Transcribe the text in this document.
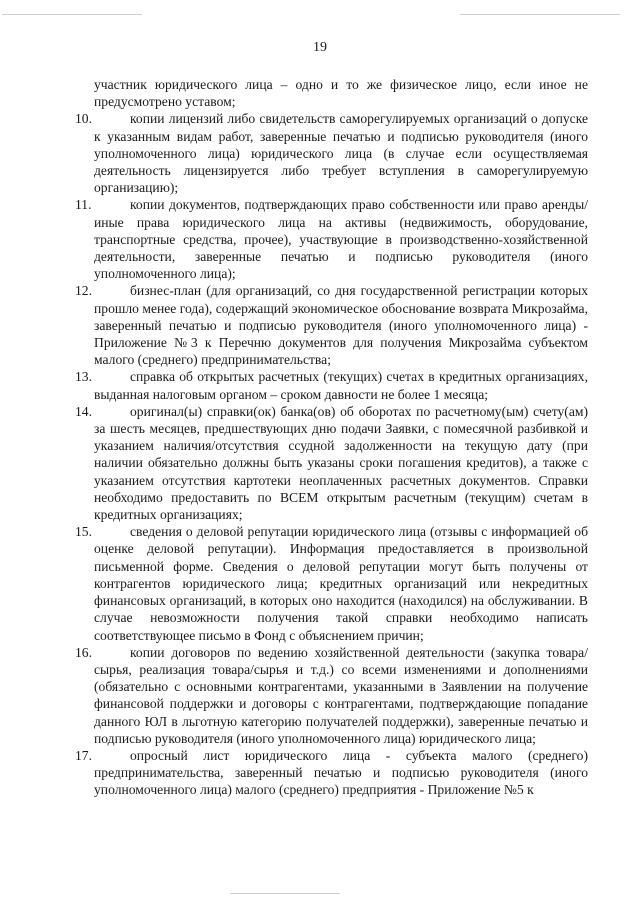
19

участник юридического лица – одно и то же физическое лицо, если иное не предусмотрено уставом;

10.	копии лицензий либо свидетельств саморегулируемых организаций о допуске к указанным видам работ, заверенные печатью и подписью руководителя (иного уполномоченного лица) юридического лица (в случае если осуществляемая деятельность лицензируется либо требует вступления в саморегулируемую организацию);

11.	копии документов, подтверждающих право собственности или право аренды/иные права юридического лица на активы (недвижимость, оборудование, транспортные средства, прочее), участвующие в производственно-хозяйственной деятельности, заверенные печатью и подписью руководителя (иного уполномоченного лица);

12.	бизнес-план (для организаций, со дня государственной регистрации которых прошло менее года), содержащий экономическое обоснование возврата Микрозайма, заверенный печатью и подписью руководителя (иного уполномоченного лица) - Приложение №3 к Перечню документов для получения Микрозайма субъектом малого (среднего) предпринимательства;

13.	справка об открытых расчетных (текущих) счетах в кредитных организациях, выданная налоговым органом – сроком давности не более 1 месяца;

14.	оригинал(ы) справки(ок) банка(ов) об оборотах по расчетному(ым) счету(ам) за шесть месяцев, предшествующих дню подачи Заявки, с помесячной разбивкой и указанием наличия/отсутствия ссудной задолженности на текущую дату (при наличии обязательно должны быть указаны сроки погашения кредитов), а также с указанием отсутствия картотеки неоплаченных расчетных документов. Справки необходимо предоставить по ВСЕМ открытым расчетным (текущим) счетам в кредитных организациях;

15.	сведения о деловой репутации юридического лица (отзывы с информацией об оценке деловой репутации). Информация предоставляется в произвольной письменной форме. Сведения о деловой репутации могут быть получены от контрагентов юридического лица; кредитных организаций или некредитных финансовых организаций, в которых оно находится (находился) на обслуживании. В случае невозможности получения такой справки необходимо написать соответствующее письмо в Фонд с объяснением причин;

16.	копии договоров по ведению хозяйственной деятельности (закупка товара/сырья, реализация товара/сырья и т.д.) со всеми изменениями и дополнениями (обязательно с основными контрагентами, указанными в Заявлении на получение финансовой поддержки и договоры с контрагентами, подтверждающие попадание данного ЮЛ в льготную категорию получателей поддержки), заверенные печатью и подписью руководителя (иного уполномоченного лица) юридического лица;

17.	опросный лист юридического лица - субъекта малого (среднего) предпринимательства, заверенный печатью и подписью руководителя (иного уполномоченного лица) малого (среднего) предприятия - Приложение №5 к
